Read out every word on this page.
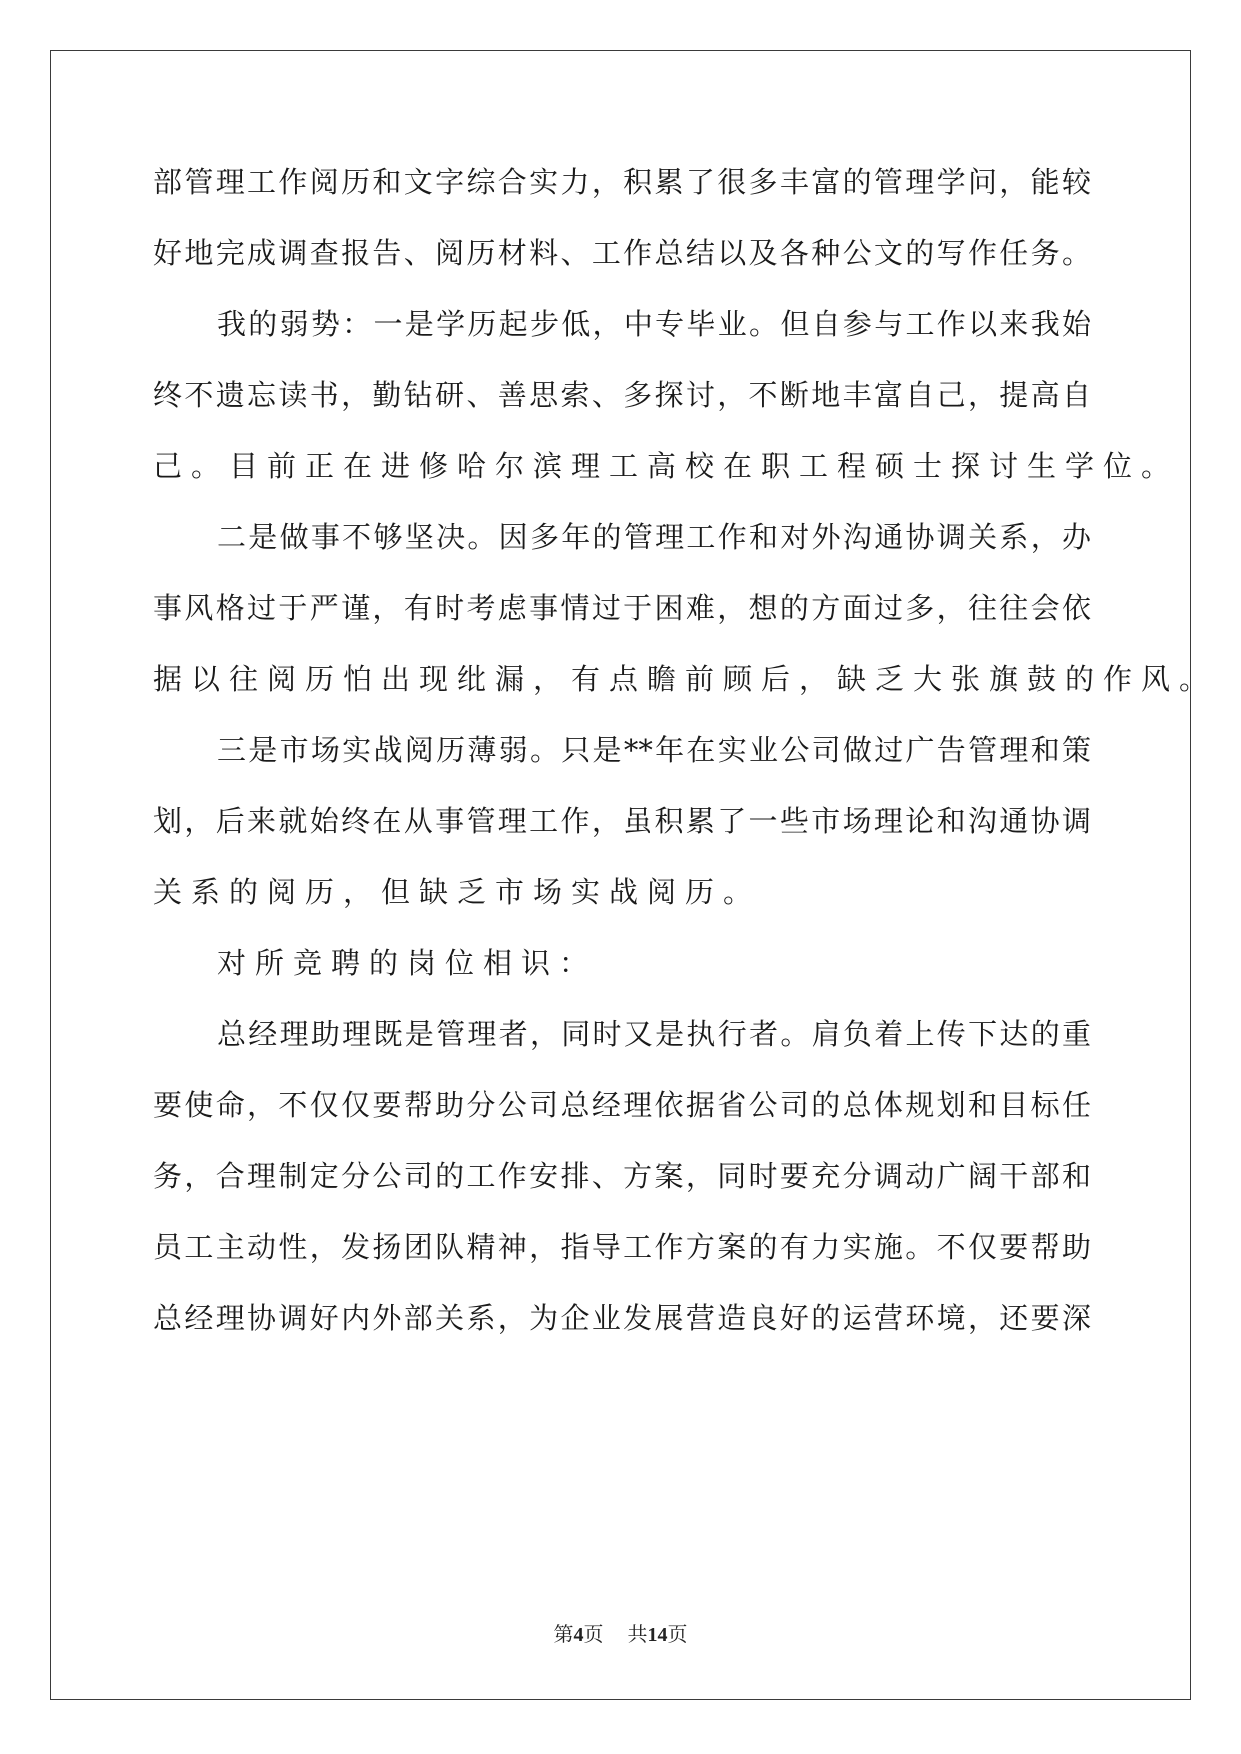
部管理工作阅历和文字综合实力，积累了很多丰富的管理学问，能较
好地完成调查报告、阅历材料、工作总结以及各种公文的写作任务。
我的弱势：一是学历起步低，中专毕业。但自参与工作以来我始
终不遗忘读书，勤钻研、善思索、多探讨，不断地丰富自己，提高自
己。目前正在进修哈尔滨理工高校在职工程硕士探讨生学位。
二是做事不够坚决。因多年的管理工作和对外沟通协调关系，办
事风格过于严谨，有时考虑事情过于困难，想的方面过多，往往会依
据以往阅历怕出现纰漏，有点瞻前顾后，缺乏大张旗鼓的作风。
三是市场实战阅历薄弱。只是**年在实业公司做过广告管理和策
划，后来就始终在从事管理工作，虽积累了一些市场理论和沟通协调
关系的阅历，但缺乏市场实战阅历。
对所竞聘的岗位相识：
总经理助理既是管理者，同时又是执行者。肩负着上传下达的重
要使命，不仅仅要帮助分公司总经理依据省公司的总体规划和目标任
务，合理制定分公司的工作安排、方案，同时要充分调动广阔干部和
员工主动性，发扬团队精神，指导工作方案的有力实施。不仅要帮助
总经理协调好内外部关系，为企业发展营造良好的运营环境，还要深
第4页 共14页
